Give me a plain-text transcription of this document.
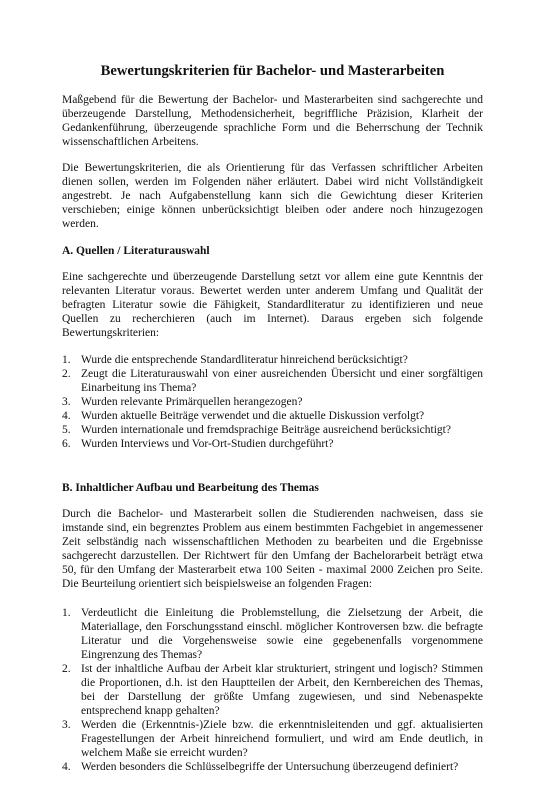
Bewertungskriterien für Bachelor- und Masterarbeiten

Maßgebend für die Bewertung der Bachelor- und Masterarbeiten sind sachgerechte und überzeugende Darstellung, Methodensicherheit, begriffliche Präzision, Klarheit der Gedankenführung, überzeugende sprachliche Form und die Beherrschung der Technik wissenschaftlichen Arbeitens.

Die Bewertungskriterien, die als Orientierung für das Verfassen schriftlicher Arbeiten dienen sollen, werden im Folgenden näher erläutert. Dabei wird nicht Vollständigkeit angestrebt. Je nach Aufgabenstellung kann sich die Gewichtung dieser Kriterien verschieben; einige können unberücksichtigt bleiben oder andere noch hinzugezogen werden.

A. Quellen / Literaturauswahl

Eine sachgerechte und überzeugende Darstellung setzt vor allem eine gute Kenntnis der relevanten Literatur voraus. Bewertet werden unter anderem Umfang und Qualität der befragten Literatur sowie die Fähigkeit, Standardliteratur zu identifizieren und neue Quellen zu recherchieren (auch im Internet). Daraus ergeben sich folgende Bewertungskriterien:

1. Wurde die entsprechende Standardliteratur hinreichend berücksichtigt?
2. Zeugt die Literaturauswahl von einer ausreichenden Übersicht und einer sorgfältigen Einarbeitung ins Thema?
3. Wurden relevante Primärquellen herangezogen?
4. Wurden aktuelle Beiträge verwendet und die aktuelle Diskussion verfolgt?
5. Wurden internationale und fremdsprachige Beiträge ausreichend berücksichtigt?
6. Wurden Interviews und Vor-Ort-Studien durchgeführt?
B. Inhaltlicher Aufbau und Bearbeitung des Themas

Durch die Bachelor- und Masterarbeit sollen die Studierenden nachweisen, dass sie imstande sind, ein begrenztes Problem aus einem bestimmten Fachgebiet in angemessener Zeit selbständig nach wissenschaftlichen Methoden zu bearbeiten und die Ergebnisse sachgerecht darzustellen. Der Richtwert für den Umfang der Bachelorarbeit beträgt etwa 50, für den Umfang der Masterarbeit etwa 100 Seiten - maximal 2000 Zeichen pro Seite. Die Beurteilung orientiert sich beispielsweise an folgenden Fragen:

1. Verdeutlicht die Einleitung die Problemstellung, die Zielsetzung der Arbeit, die Materiallage, den Forschungsstand einschl. möglicher Kontroversen bzw. die befragte Literatur und die Vorgehensweise sowie eine gegebenenfalls vorgenommene Eingrenzung des Themas?
2. Ist der inhaltliche Aufbau der Arbeit klar strukturiert, stringent und logisch? Stimmen die Proportionen, d.h. ist den Hauptteilen der Arbeit, den Kernbereichen des Themas, bei der Darstellung der größte Umfang zugewiesen, und sind Nebenaspekte entsprechend knapp gehalten?
3. Werden die (Erkenntnis-)Ziele bzw. die erkenntnisleitenden und ggf. aktualisierten Fragestellungen der Arbeit hinreichend formuliert, und wird am Ende deutlich, in welchem Maße sie erreicht wurden?
4. Werden besonders die Schlüsselbegriffe der Untersuchung überzeugend definiert?
